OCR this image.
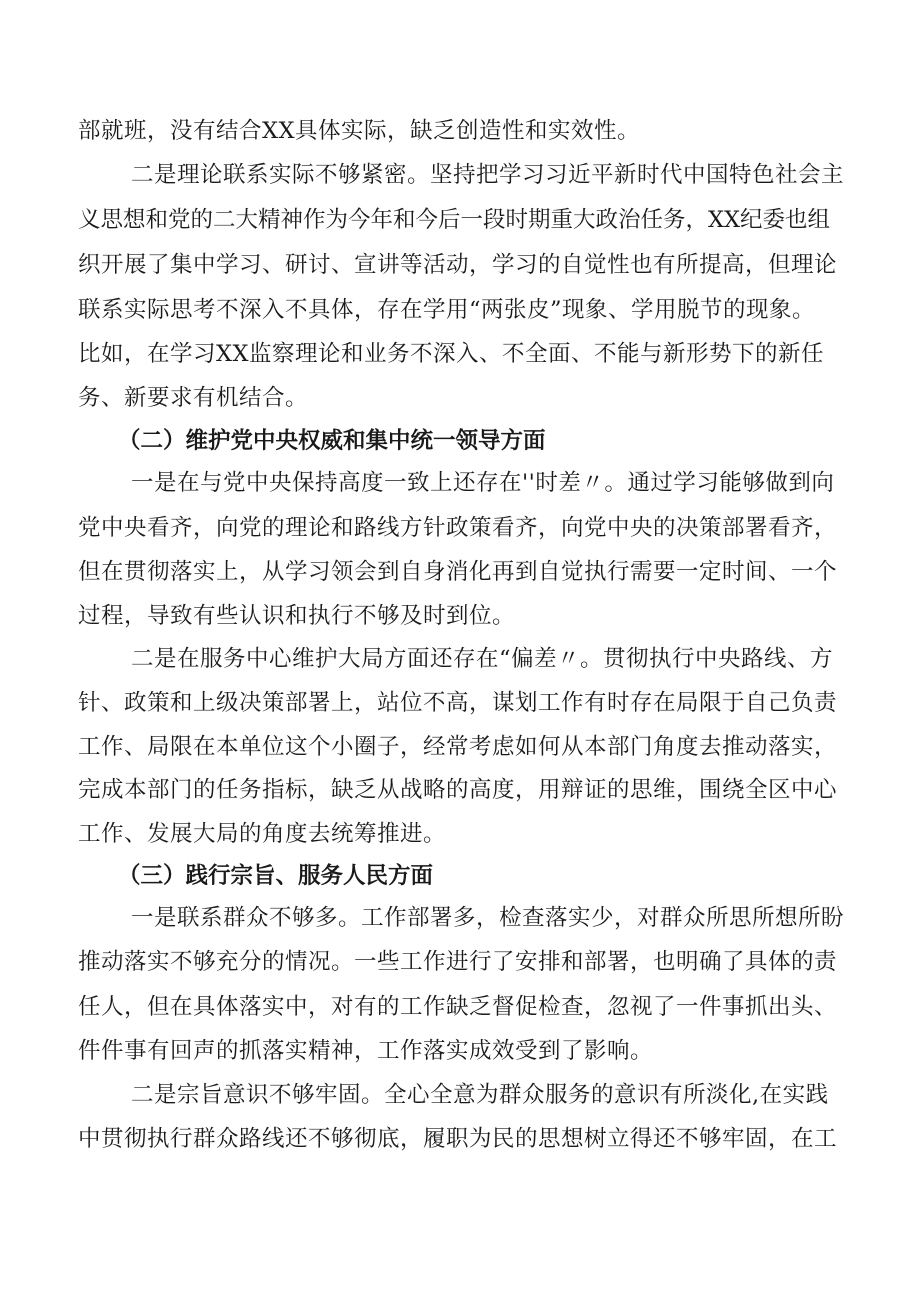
部就班，没有结合XX具体实际，缺乏创造性和实效性。
二是理论联系实际不够紧密。坚持把学习习近平新时代中国特色社会主
义思想和党的二大精神作为今年和今后一段时期重大政治任务，XX纪委也组
织开展了集中学习、研讨、宣讲等活动，学习的自觉性也有所提高，但理论
联系实际思考不深入不具体，存在学用“两张皮”现象、学用脱节的现象。
比如，在学习XX监察理论和业务不深入、不全面、不能与新形势下的新任
务、新要求有机结合。
（二）维护党中央权威和集中统一领导方面
一是在与党中央保持高度一致上还存在''时差〃。通过学习能够做到向
党中央看齐，向党的理论和路线方针政策看齐，向党中央的决策部署看齐，
但在贯彻落实上，从学习领会到自身消化再到自觉执行需要一定时间、一个
过程，导致有些认识和执行不够及时到位。
二是在服务中心维护大局方面还存在“偏差〃。贯彻执行中央路线、方
针、政策和上级决策部署上，站位不高，谋划工作有时存在局限于自己负责
工作、局限在本单位这个小圈子，经常考虑如何从本部门角度去推动落实，
完成本部门的任务指标，缺乏从战略的高度，用辩证的思维，围绕全区中心
工作、发展大局的角度去统筹推进。
（三）践行宗旨、服务人民方面
一是联系群众不够多。工作部署多，检查落实少，对群众所思所想所盼
推动落实不够充分的情况。一些工作进行了安排和部署，也明确了具体的责
任人，但在具体落实中，对有的工作缺乏督促检查，忽视了一件事抓出头、
件件事有回声的抓落实精神，工作落实成效受到了影响。
二是宗旨意识不够牢固。全心全意为群众服务的意识有所淡化,在实践
中贯彻执行群众路线还不够彻底，履职为民的思想树立得还不够牢固，在工
